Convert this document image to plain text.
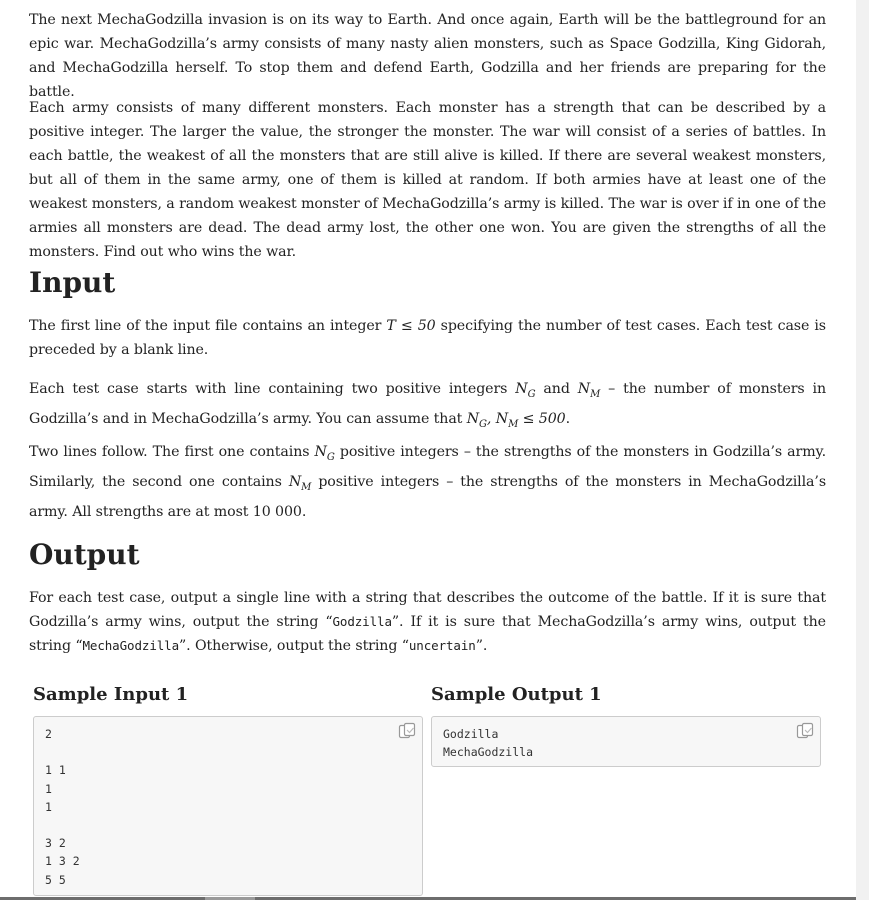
The next MechaGodzilla invasion is on its way to Earth. And once again, Earth will be the battleground for an epic war. MechaGodzilla’s army consists of many nasty alien monsters, such as Space Godzilla, King Gidorah, and MechaGodzilla herself. To stop them and defend Earth, Godzilla and her friends are preparing for the battle.

Each army consists of many different monsters. Each monster has a strength that can be described by a positive integer. The larger the value, the stronger the monster. The war will consist of a series of battles. In each battle, the weakest of all the monsters that are still alive is killed. If there are several weakest monsters, but all of them in the same army, one of them is killed at random. If both armies have at least one of the weakest monsters, a random weakest monster of MechaGodzilla’s army is killed. The war is over if in one of the armies all monsters are dead. The dead army lost, the other one won. You are given the strengths of all the monsters. Find out who wins the war.

Input

The first line of the input file contains an integer T ≤ 50 specifying the number of test cases. Each test case is preceded by a blank line.

Each test case starts with line containing two positive integers $N_G$ and $N_M$ – the number of monsters in Godzilla’s and in MechaGodzilla’s army. You can assume that $N_G$, $N_M \le 500$.

Two lines follow. The first one contains $N_G$ positive integers – the strengths of the monsters in Godzilla’s army. Similarly, the second one contains $N_M$ positive integers – the strengths of the monsters in MechaGodzilla’s army. All strengths are at most 10 000.

Output

For each test case, output a single line with a string that describes the outcome of the battle. If it is sure that Godzilla’s army wins, output the string “Godzilla”. If it is sure that MechaGodzilla’s army wins, output the string “MechaGodzilla”. Otherwise, output the string “uncertain”.

Sample Input 1	Sample Output 1
2

1 1
1
1

3 2
1 3 2
5 5
Godzilla
MechaGodzilla
